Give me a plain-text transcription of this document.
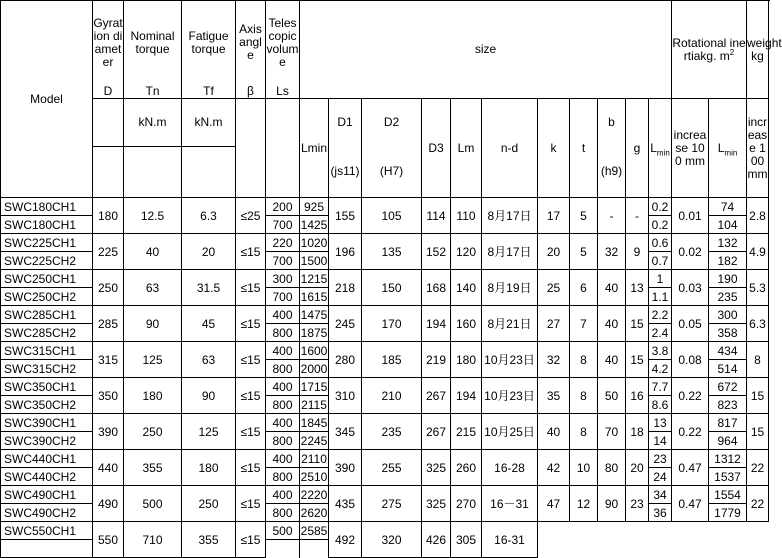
Model	Gyration diameter	Nominal torque	Fatigue torque	Axis angle	Telescopic volume	size											Rotational inertiakg. $m^2$		weight kg
	D	Tn	Tf	β	Ls														
		kN.m	kN.m			Lmin	D1	D2	D3	Lm	n-d	k	t	b	g	$L_{min}$	increase 100 mm	$L_{min}$	increase 100mm
							(js11)	(H7)						(h9)					
SWC180CH1	180	12.5	6.3	≤25	200	925	155	105	114	110	8月17日	17	5	-	-	0.2	0.01	74	2.8
SWC180CH1					700	1425										0.2		104	
SWC225CH1	225	40	20	≤15	220	1020	196	135	152	120	8月17日	20	5	32	9	0.6	0.02	132	4.9
SWC225CH2					700	1500										0.7		182	
SWC250CH1	250	63	31.5	≤15	300	1215	218	150	168	140	8月19日	25	6	40	13	1	0.03	190	5.3
SWC250CH2					700	1615										1.1		235	
SWC285CH1	285	90	45	≤15	400	1475	245	170	194	160	8月21日	27	7	40	15	2.2	0.05	300	6.3
SWC285CH2					800	1875										2.4		358	
SWC315CH1	315	125	63	≤15	400	1600	280	185	219	180	10月23日	32	8	40	15	3.8	0.08	434	8
SWC315CH2					800	2000										4.2		514	
SWC350CH1	350	180	90	≤15	400	1715	310	210	267	194	10月23日	35	8	50	16	7.7	0.22	672	15
SWC350CH2					800	2115										8.6		823	
SWC390CH1	390	250	125	≤15	400	1845	345	235	267	215	10月25日	40	8	70	18	13	0.22	817	15
SWC390CH2					800	2245										14		964	
SWC440CH1	440	355	180	≤15	400	2110	390	255	325	260	16-28	42	10	80	20	23	0.47	1312	22
SWC440CH2					800	2510										24		1537	
SWC490CH1	490	500	250	≤15	400	2220	435	275	325	270	16－31	47	12	90	23	34	0.47	1554	22
SWC490CH2					800	2620										36		1779	
SWC550CH1	550	710	355	≤15	500	2585	492	320	426	305	16-31								
